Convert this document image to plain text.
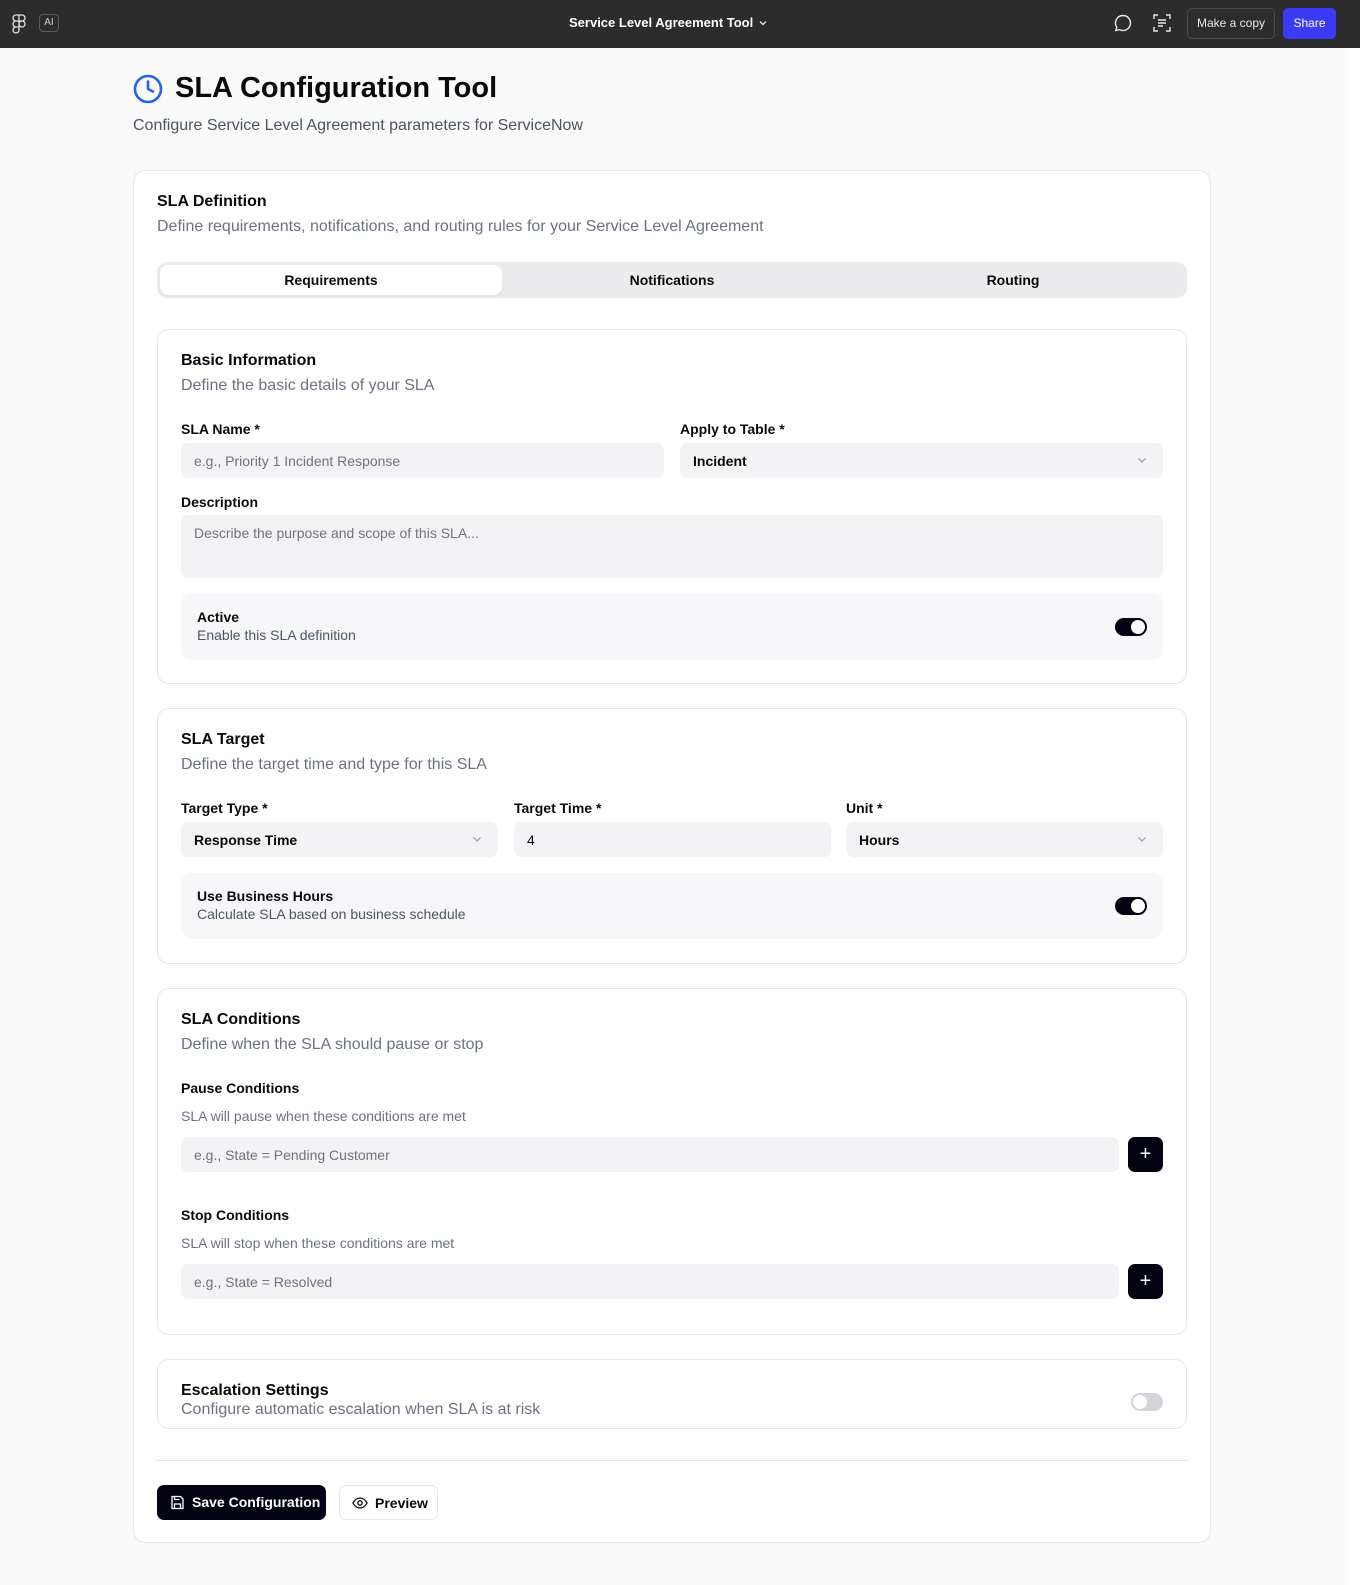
AI	Service Level Agreement Tool	Make a copy	Share
SLA Configuration Tool
Configure Service Level Agreement parameters for ServiceNow
SLA Definition
Define requirements, notifications, and routing rules for your Service Level Agreement
Requirements	Notifications	Routing
Basic Information
Define the basic details of your SLA
SLA Name *
e.g., Priority 1 Incident Response
Apply to Table *
Incident
Description
Describe the purpose and scope of this SLA...
Active
Enable this SLA definition
SLA Target
Define the target time and type for this SLA
Target Type *
Response Time
Target Time *
4
Unit *
Hours
Use Business Hours
Calculate SLA based on business schedule
SLA Conditions
Define when the SLA should pause or stop
Pause Conditions
SLA will pause when these conditions are met
e.g., State = Pending Customer	+
Stop Conditions
SLA will stop when these conditions are met
e.g., State = Resolved	+
Escalation Settings
Configure automatic escalation when SLA is at risk
Save Configuration	Preview
